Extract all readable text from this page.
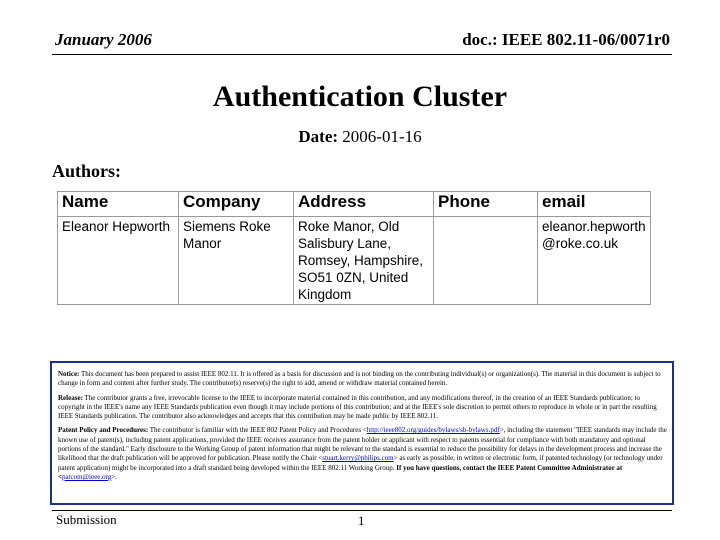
January 2006	doc.: IEEE 802.11-06/0071r0
Authentication Cluster
Date: 2006-01-16
Authors:
Name	Company	Address	Phone	email
Eleanor Hepworth	Siemens Roke Manor	Roke Manor, Old Salisbury Lane, Romsey, Hampshire, SO51 0ZN, United Kingdom		eleanor.hepworth@roke.co.uk

Notice: This document has been prepared to assist IEEE 802.11. It is offered as a basis for discussion and is not binding on the contributing individual(s) or organization(s). The material in this document is subject to change in form and content after further study. The contributor(s) reserve(s) the right to add, amend or withdraw material contained herein.

Release: The contributor grants a free, irrevocable license to the IEEE to incorporate material contained in this contribution, and any modifications thereof, in the creation of an IEEE Standards publication; to copyright in the IEEE's name any IEEE Standards publication even though it may include portions of this contribution; and at the IEEE's sole discretion to permit others to reproduce in whole or in part the resulting IEEE Standards publication. The contributor also acknowledges and accepts that this contribution may be made public by IEEE 802.11.

Patent Policy and Procedures: The contributor is familiar with the IEEE 802 Patent Policy and Procedures <http://ieee802.org/guides/bylaws/sb-bylaws.pdf>, including the statement "IEEE standards may include the known use of patent(s), including patent applications, provided the IEEE receives assurance from the patent holder or applicant with respect to patents essential for compliance with both mandatory and optional portions of the standard." Early disclosure to the Working Group of patent information that might be relevant to the standard is essential to reduce the possibility for delays in the development process and increase the likelihood that the draft publication will be approved for publication. Please notify the Chair <stuart.kerry@philips.com> as early as possible, in written or electronic form, if patented technology (or technology under patent application) might be incorporated into a draft standard being developed within the IEEE 802.11 Working Group. If you have questions, contact the IEEE Patent Committee Administrator at <patcom@ieee.org>.

Submission	1
